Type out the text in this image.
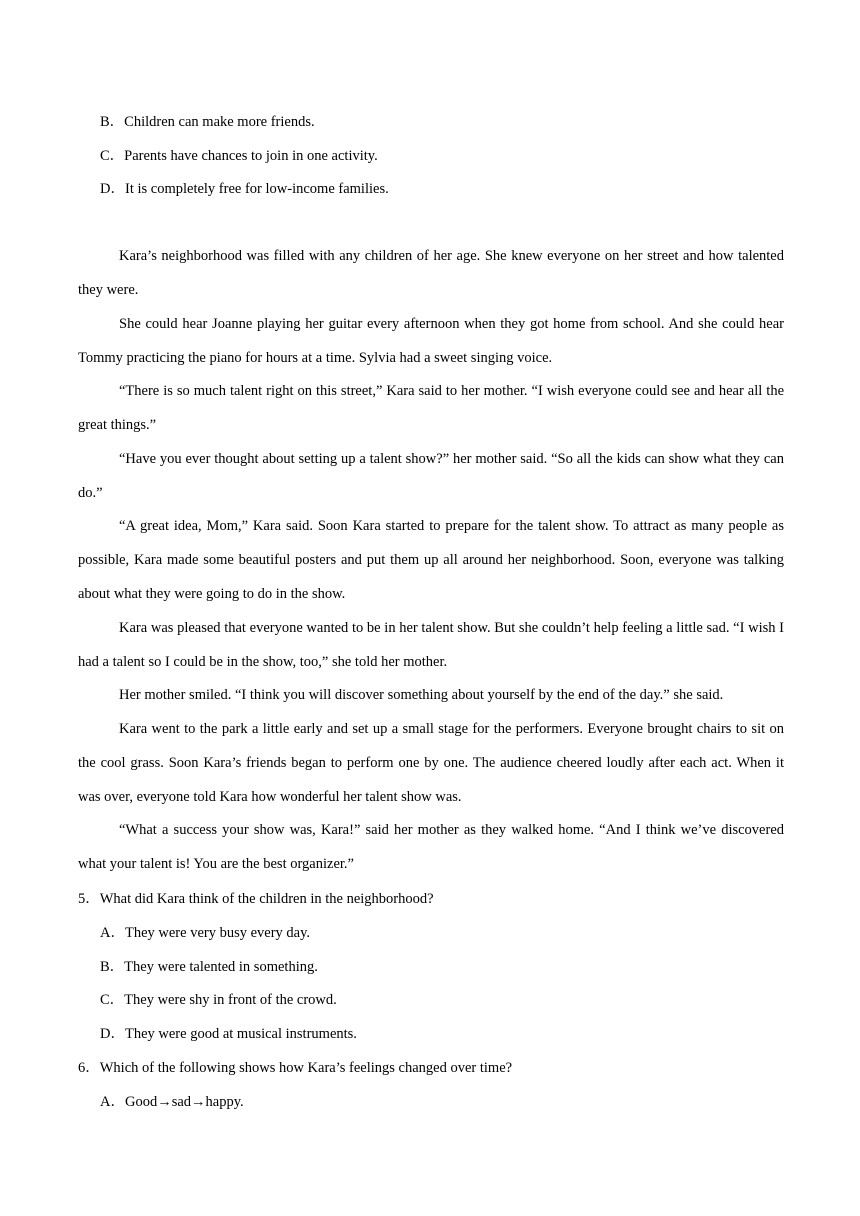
B．Children can make more friends.
C．Parents have chances to join in one activity.
D．It is completely free for low-income families.

Kara’s neighborhood was filled with any children of her age. She knew everyone on her street and how talented they were.

She could hear Joanne playing her guitar every afternoon when they got home from school. And she could hear Tommy practicing the piano for hours at a time. Sylvia had a sweet singing voice.

“There is so much talent right on this street,” Kara said to her mother. “I wish everyone could see and hear all the great things.”

“Have you ever thought about setting up a talent show?” her mother said. “So all the kids can show what they can do.”

“A great idea, Mom,” Kara said. Soon Kara started to prepare for the talent show. To attract as many people as possible, Kara made some beautiful posters and put them up all around her neighborhood. Soon, everyone was talking about what they were going to do in the show.

Kara was pleased that everyone wanted to be in her talent show. But she couldn’t help feeling a little sad. “I wish I had a talent so I could be in the show, too,” she told her mother.

Her mother smiled. “I think you will discover something about yourself by the end of the day.” she said.

Kara went to the park a little early and set up a small stage for the performers. Everyone brought chairs to sit on the cool grass. Soon Kara’s friends began to perform one by one. The audience cheered loudly after each act. When it was over, everyone told Kara how wonderful her talent show was.

“What a success your show was, Kara!” said her mother as they walked home. “And I think we’ve discovered what your talent is! You are the best organizer.”

5．What did Kara think of the children in the neighborhood?
A．They were very busy every day.
B．They were talented in something.
C．They were shy in front of the crowd.
D．They were good at musical instruments.
6．Which of the following shows how Kara’s feelings changed over time?
A．Good→sad→happy.
